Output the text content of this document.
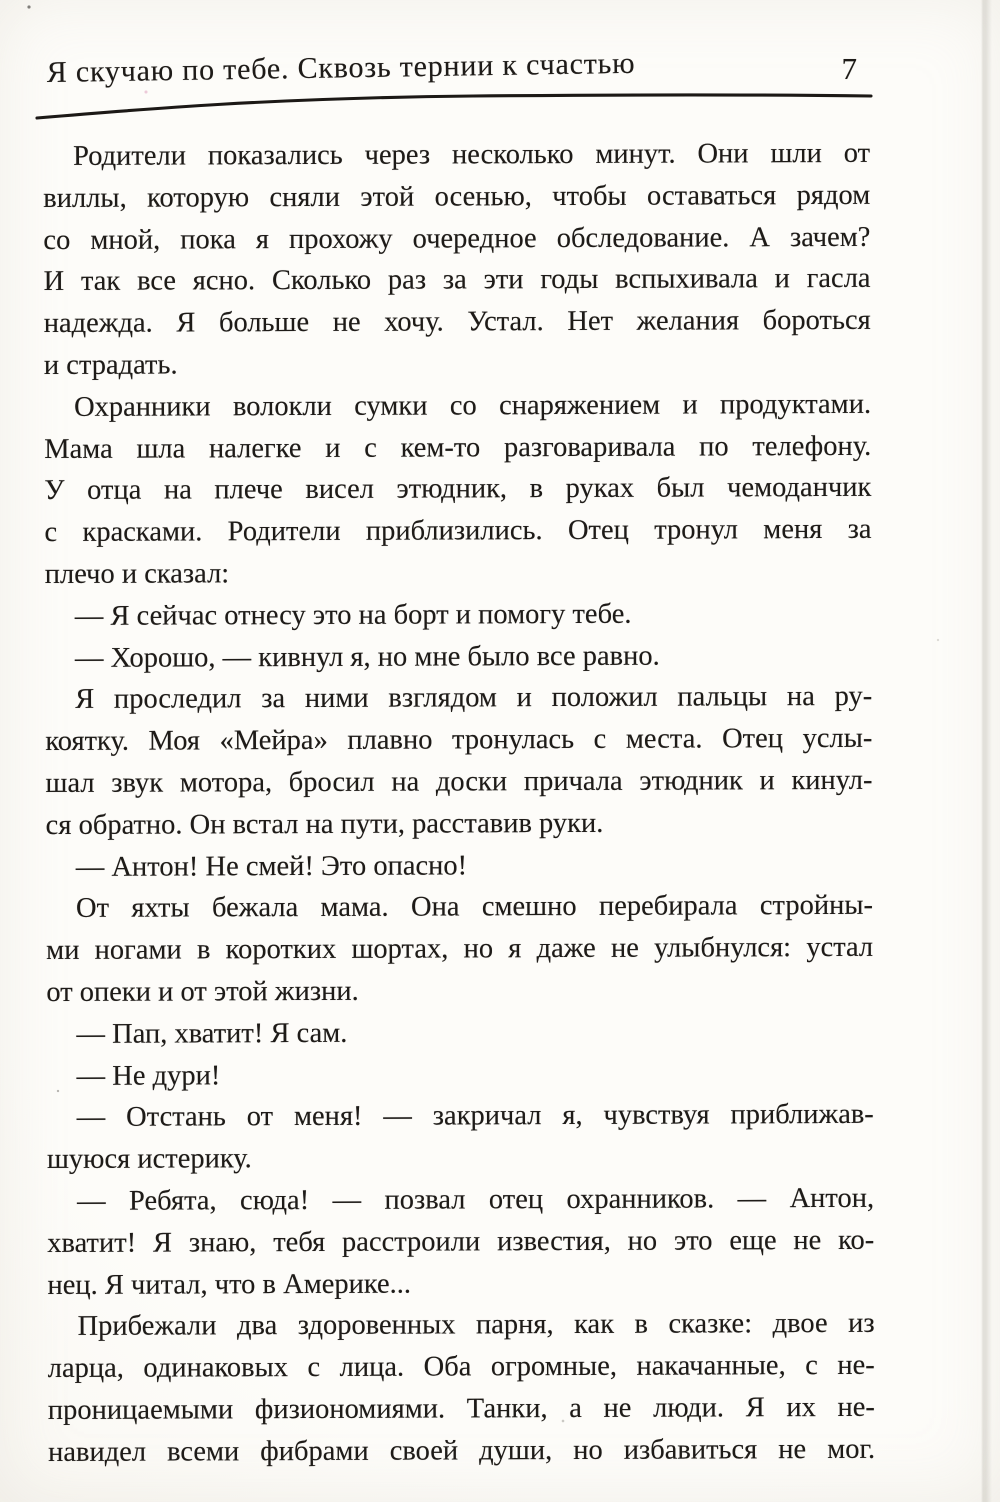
Я скучаю по тебе. Сквозь тернии к счастью	7

Родители показались через несколько минут. Они шли от
виллы, которую сняли этой осенью, чтобы оставаться рядом
со мной, пока я прохожу очередное обследование. А зачем?
И так все ясно. Сколько раз за эти годы вспыхивала и гасла
надежда. Я больше не хочу. Устал. Нет желания бороться
и страдать.

Охранники волокли сумки со снаряжением и продуктами.
Мама шла налегке и с кем-то разговаривала по телефону.
У отца на плече висел этюдник, в руках был чемоданчик
с красками. Родители приблизились. Отец тронул меня за
плечо и сказал:

— Я сейчас отнесу это на борт и помогу тебе.

— Хорошо, — кивнул я, но мне было все равно.

Я проследил за ними взглядом и положил пальцы на ру-
коятку. Моя «Мейра» плавно тронулась с места. Отец услы-
шал звук мотора, бросил на доски причала этюдник и кинул-
ся обратно. Он встал на пути, расставив руки.

— Антон! Не смей! Это опасно!

От яхты бежала мама. Она смешно перебирала стройны-
ми ногами в коротких шортах, но я даже не улыбнулся: устал
от опеки и от этой жизни.

— Пап, хватит! Я сам.

— Не дури!

— Отстань от меня! — закричал я, чувствуя приближав-
шуюся истерику.

— Ребята, сюда! — позвал отец охранников. — Антон,
хватит! Я знаю, тебя расстроили известия, но это еще не ко-
нец. Я читал, что в Америке...

Прибежали два здоровенных парня, как в сказке: двое из
ларца, одинаковых с лица. Оба огромные, накачанные, с не-
проницаемыми физиономиями. Танки, а не люди. Я их не-
навидел всеми фибрами своей души, но избавиться не мог.
